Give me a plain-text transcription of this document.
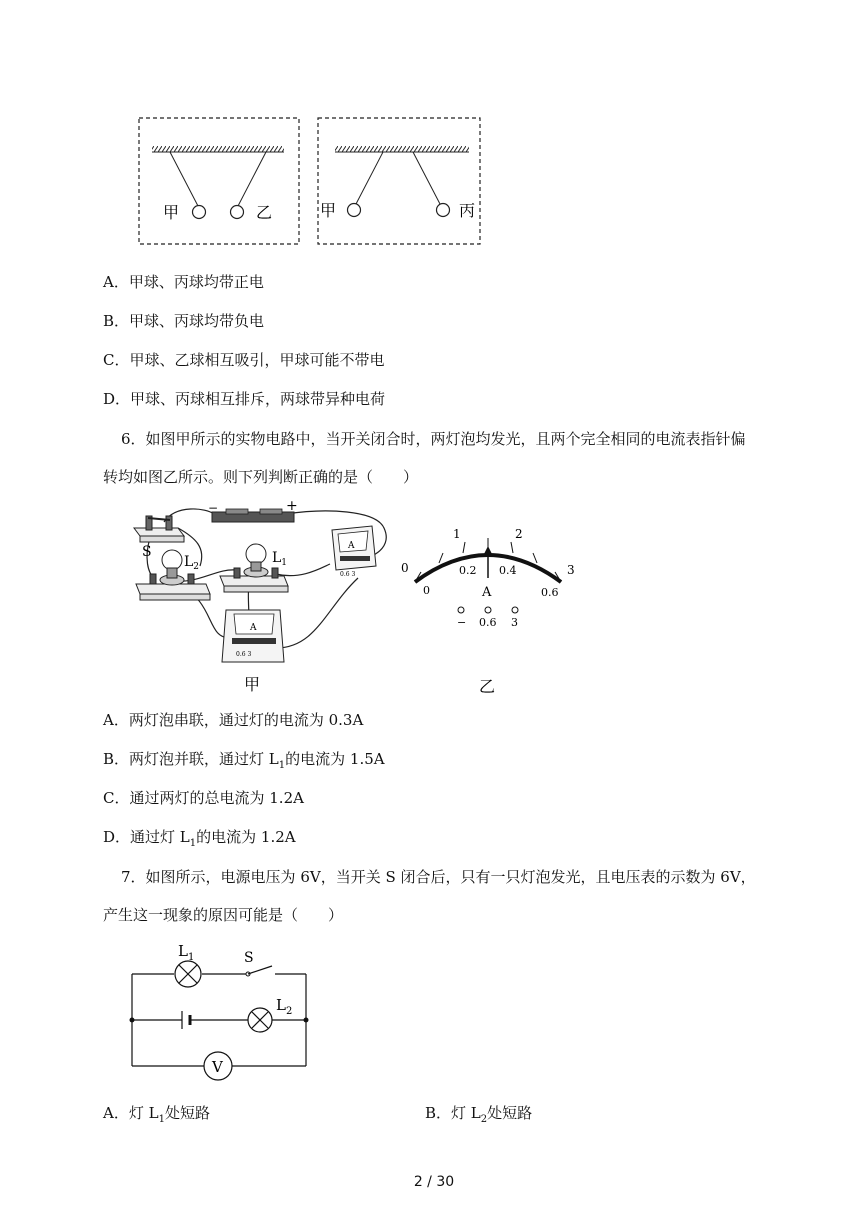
甲	乙	甲	丙
A．甲球、丙球均带正电
B．甲球、丙球均带负电
C．甲球、乙球相互吸引，甲球可能不带电
D．甲球、丙球相互排斥，两球带异种电荷
6．如图甲所示的实物电路中，当开关闭合时，两灯泡均发光，且两个完全相同的电流表指针偏
转均如图乙所示。则下列判断正确的是（　　）
−	+
S
$L_2$
$L_1$
A
0.6 3
A
0.6 3
甲
0
1	2
3
0
0.2 0.4
0.6
A
− 0.6 3
乙
A．两灯泡串联，通过灯的电流为 0.3A
B．两灯泡并联，通过灯 $L_1$的电流为 1.5A
C．通过两灯的总电流为 1.2A
D．通过灯 $L_1$的电流为 1.2A
7．如图所示，电源电压为 6V，当开关 S 闭合后，只有一只灯泡发光，且电压表的示数为 6V，
产生这一现象的原因可能是（　　）
$L_1$	S
$L_2$
V
A．灯 $L_1$处短路	B．灯 $L_2$处短路
2 / 30
